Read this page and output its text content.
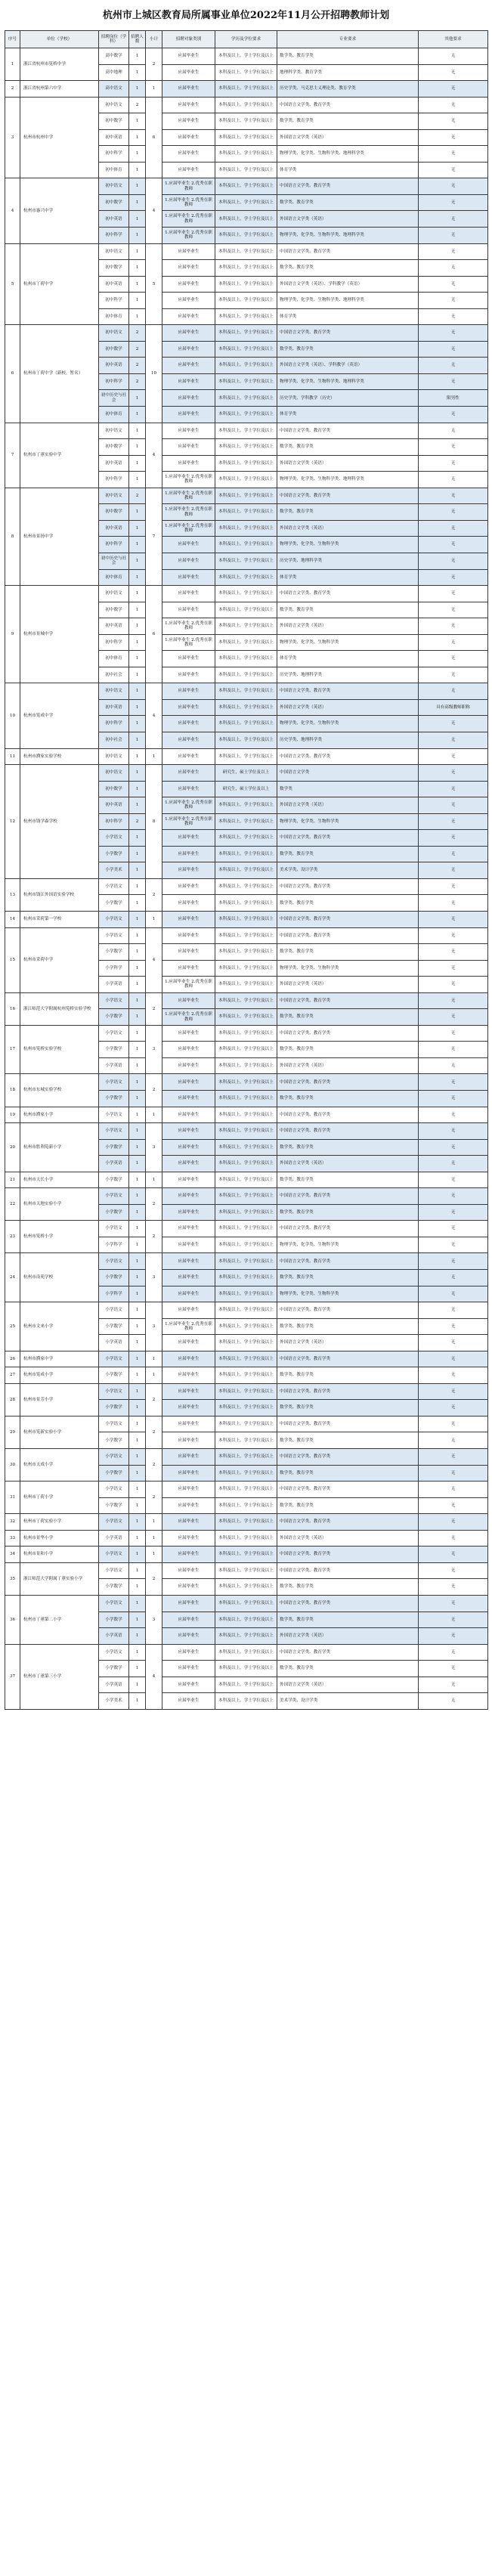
杭州市上城区教育局所属事业单位2022年11月公开招聘教师计划
序号	单位（学校）	招聘岗位（学科）	招聘人数	小计	招聘对象类别	学历及学位要求	专业要求	其他要求
1	浙江省杭州市笕桥中学	高中数学	1	2	应届毕业生	本科及以上，学士学位及以上	数学类、教育学类	无
		高中地理	1		应届毕业生	本科及以上，学士学位及以上	地理科学类、教育学类	无
2	浙江省杭州第六中学	高中语文	1	1	应届毕业生	本科及以上，学士学位及以上	历史学类、马克思主义理论类、教育学类	无
3	杭州市杭州中学	初中语文	2	6	应届毕业生	本科及以上，学士学位及以上	中国语言文学类、教育学类	无
		初中数学	1		应届毕业生	本科及以上，学士学位及以上	数学类、教育学类	无
		初中英语	1		应届毕业生	本科及以上，学士学位及以上	外国语言文学类（英语）	无
		初中科学	1		应届毕业生	本科及以上，学士学位及以上	物理学类、化学类、生物科学类、地理科学类	无
		初中体育	1		应届毕业生	本科及以上，学士学位及以上	体育学类	无
4	杭州市惠兴中学	初中语文	1	4	1.应届毕业生 2.优秀在职教师	本科及以上，学士学位及以上	中国语言文学类、教育学类	无
		初中数学	1		1.应届毕业生 2.优秀在职教师	本科及以上，学士学位及以上	数学类、教育学类	无
		初中英语	1		1.应届毕业生 2.优秀在职教师	本科及以上，学士学位及以上	外国语言文学类（英语）	无
		初中科学	1		1.应届毕业生 2.优秀在职教师	本科及以上，学士学位及以上	物理学类、化学类、生物科学类、地理科学类	无
5	杭州市丁荷中学	初中语文	1	5	应届毕业生	本科及以上，学士学位及以上	中国语言文学类、教育学类	无
		初中数学	1		应届毕业生	本科及以上，学士学位及以上	数学类、教育学类	无
		初中英语	1		应届毕业生	本科及以上，学士学位及以上	外国语言文学类（英语）、学科教学（英语）	无
		初中科学	1		应届毕业生	本科及以上，学士学位及以上	物理学类、化学类、生物科学类、地理科学类	无
		初中体育	1		应届毕业生	本科及以上，学士学位及以上	体育学类	无
6	杭州市丁荷中学（新校，暂名）	初中语文	2	10	应届毕业生	本科及以上，学士学位及以上	中国语言文学类、教育学类	无
		初中数学	2		应届毕业生	本科及以上，学士学位及以上	数学类、教育学类	无
		初中英语	2		应届毕业生	本科及以上，学士学位及以上	外国语言文学类（英语）、学科教学（英语）	无
		初中科学	2		应届毕业生	本科及以上，学士学位及以上	物理学类、化学类、生物科学类、地理科学类	无
		初中历史与社会	1		应届毕业生	本科及以上，学士学位及以上	历史学类、学科教学（历史）	限男性
		初中体育	1		应届毕业生	本科及以上，学士学位及以上	体育学类	无
7	杭州市丁蕙实验中学	初中语文	1	4	应届毕业生	本科及以上，学士学位及以上	中国语言文学类、教育学类	无
		初中数学	1		应届毕业生	本科及以上，学士学位及以上	数学类、教育学类	无
		初中英语	1		应届毕业生	本科及以上，学士学位及以上	外国语言文学类（英语）	无
		初中科学	1		1.应届毕业生 2.优秀在职教师	本科及以上，学士学位及以上	物理学类、化学类、生物科学类、地理科学类	无
8	杭州市景扬中学	初中语文	2	7	1.应届毕业生 2.优秀在职教师	本科及以上，学士学位及以上	中国语言文学类、教育学类	无
		初中数学	1		1.应届毕业生 2.优秀在职教师	本科及以上，学士学位及以上	数学类、教育学类	无
		初中英语	1		1.应届毕业生 2.优秀在职教师	本科及以上，学士学位及以上	外国语言文学类（英语）	无
		初中科学	1		应届毕业生	本科及以上，学士学位及以上	物理学类、化学类、生物科学类	无
		初中历史与社会	1		应届毕业生	本科及以上，学士学位及以上	历史学类、地理科学类	无
		初中体育	1		应届毕业生	本科及以上，学士学位及以上	体育学类	无
9	杭州市景城中学	初中语文	1	6	应届毕业生	本科及以上，学士学位及以上	中国语言文学类、教育学类	无
		初中数学	1		应届毕业生	本科及以上，学士学位及以上	数学类、教育学类	无
		初中英语	1		1.应届毕业生 2.优秀在职教师	本科及以上，学士学位及以上	外国语言文学类（英语）	无
		初中科学	1		1.应届毕业生 2.优秀在职教师	本科及以上，学士学位及以上	物理学类、化学类、生物科学类	无
		初中体育	1		应届毕业生	本科及以上，学士学位及以上	体育学类	无
		初中社会	1		应届毕业生	本科及以上，学士学位及以上	历史学类、地理科学类	无
10	杭州市笕成中学	初中语文	1	4	应届毕业生	本科及以上，学士学位及以上	中国语言文学类、教育学类	无
		初中英语	1		应届毕业生	本科及以上，学士学位及以上	外国语言文学类（英语）	具有高级教师职称
		初中科学	1		应届毕业生	本科及以上，学士学位及以上	物理学类、化学类、生物科学类	无
		初中社会	1		应届毕业生	本科及以上，学士学位及以上	历史学类、地理科学类	无
11	杭州市濮家实验学校	初中语文	1	1	应届毕业生	本科及以上，学士学位及以上	中国语言文学类、教育学类	无
12	杭州市钱学森学校	初中语文	1	8	应届毕业生	研究生，硕士学位及以上	中国语言文学类	无
		初中数学	1		应届毕业生	研究生，硕士学位及以上	数学类	无
		初中英语	1		1.应届毕业生 2.优秀在职教师	本科及以上，学士学位及以上	外国语言文学类（英语）	无
		初中科学	2		1.应届毕业生 2.优秀在职教师	本科及以上，学士学位及以上	物理学类、化学类、生物科学类	无
		小学语文	1		应届毕业生	本科及以上，学士学位及以上	中国语言文学类、教育学类	无
		小学数学	1		应届毕业生	本科及以上，学士学位及以上	数学类、教育学类	无
		小学美术	1		应届毕业生	本科及以上，学士学位及以上	美术学类、设计学类	无
13	杭州市钱江外国语实验学校	小学语文	1	2	应届毕业生	本科及以上，学士学位及以上	中国语言文学类、教育学类	无
		小学数学	1		应届毕业生	本科及以上，学士学位及以上	数学类、教育学类	无
14	杭州市采荷第一学校	小学语文	1	1	应届毕业生	本科及以上，学士学位及以上	中国语言文学类、教育学类	无
15	杭州市采荷中学	小学语文	1	4	应届毕业生	本科及以上，学士学位及以上	中国语言文学类、教育学类	无
		小学数学	1		应届毕业生	本科及以上，学士学位及以上	数学类、教育学类	无
		小学科学	1		应届毕业生	本科及以上，学士学位及以上	物理学类、化学类、生物科学类	无
		小学英语	1		1.应届毕业生 2.优秀在职教师	本科及以上，学士学位及以上	外国语言文学类（英语）	无
16	浙江师范大学附属杭州笕桥实验学校	小学语文	1	2	应届毕业生	本科及以上，学士学位及以上	中国语言文学类、教育学类	无
		小学数学	1		1.应届毕业生 2.优秀在职教师	本科及以上，学士学位及以上	数学类、教育学类	无
17	杭州市笕桥实验学校	小学语文	1	3	应届毕业生	本科及以上，学士学位及以上	中国语言文学类、教育学类	无
		小学数学	1		应届毕业生	本科及以上，学士学位及以上	数学类、教育学类	无
		小学英语	1		应届毕业生	本科及以上，学士学位及以上	外国语言文学类（英语）	无
18	杭州市东城实验学校	小学语文	1	2	应届毕业生	本科及以上，学士学位及以上	中国语言文学类、教育学类	无
		小学数学	1		应届毕业生	本科及以上，学士学位及以上	数学类、教育学类	无
19	杭州市濮家小学	小学语文	1	1	应届毕业生	本科及以上，学士学位及以上	中国语言文学类、教育学类	无
20	杭州市胜利笕新小学	小学语文	1	3	应届毕业生	本科及以上，学士学位及以上	中国语言文学类、教育学类	无
		小学数学	1		应届毕业生	本科及以上，学士学位及以上	数学类、教育学类	无
		小学英语	1		应届毕业生	本科及以上，学士学位及以上	外国语言文学类（英语）	无
21	杭州市天长小学	小学数学	1	1	应届毕业生	本科及以上，学士学位及以上	数学类、教育学类	无
22	杭州市天地实验小学	小学语文	1	2	应届毕业生	本科及以上，学士学位及以上	中国语言文学类、教育学类	无
		小学数学	1		应届毕业生	本科及以上，学士学位及以上	数学类、教育学类	无
23	杭州市笕桥小学	小学语文	1	2	应届毕业生	本科及以上，学士学位及以上	中国语言文学类、教育学类	无
		小学科学	1		应届毕业生	本科及以上，学士学位及以上	物理学类、化学类、生物科学类	无
24	杭州市南苑学校	小学语文	1	3	应届毕业生	本科及以上，学士学位及以上	中国语言文学类、教育学类	无
		小学数学	1		应届毕业生	本科及以上，学士学位及以上	数学类、教育学类	无
		小学科学	1		应届毕业生	本科及以上，学士学位及以上	物理学类、化学类、生物科学类	无
25	杭州市文来小学	小学语文	1	3	应届毕业生	本科及以上，学士学位及以上	中国语言文学类、教育学类	无
		小学数学	1		1.应届毕业生 2.优秀在职教师	本科及以上，学士学位及以上	数学类、教育学类	无
		小学英语	1		应届毕业生	本科及以上，学士学位及以上	外国语言文学类（英语）	无
26	杭州市濮家中学	小学语文	1	1	应届毕业生	本科及以上，学士学位及以上	中国语言文学类、教育学类	无
27	杭州市笕成小学	小学数学	1	1	应届毕业生	本科及以上，学士学位及以上	数学类、教育学类	无
28	杭州市景芳小学	小学语文	1	2	应届毕业生	本科及以上，学士学位及以上	中国语言文学类、教育学类	无
		小学数学	1		应届毕业生	本科及以上，学士学位及以上	数学类、教育学类	无
29	杭州市笕新实验小学	小学语文	1	2	应届毕业生	本科及以上，学士学位及以上	中国语言文学类、教育学类	无
		小学数学	1		应届毕业生	本科及以上，学士学位及以上	数学类、教育学类	无
30	杭州市天成小学	小学语文	1	2	应届毕业生	本科及以上，学士学位及以上	中国语言文学类、教育学类	无
		小学数学	1		应届毕业生	本科及以上，学士学位及以上	数学类、教育学类	无
31	杭州市丁荷小学	小学语文	1	2	应届毕业生	本科及以上，学士学位及以上	中国语言文学类、教育学类	无
		小学数学	1		应届毕业生	本科及以上，学士学位及以上	数学类、教育学类	无
32	杭州市丁荷实验小学	小学语文	1	1	应届毕业生	本科及以上，学士学位及以上	中国语言文学类、教育学类	无
33	杭州市景华小学	小学英语	1	1	应届毕业生	本科及以上，学士学位及以上	外国语言文学类（英语）	无
34	杭州市景和小学	小学语文	1	1	应届毕业生	本科及以上，学士学位及以上	中国语言文学类、教育学类	无
35	浙江师范大学附属丁蕙实验小学	小学语文	1	2	应届毕业生	本科及以上，学士学位及以上	中国语言文学类、教育学类	无
		小学数学	1		应届毕业生	本科及以上，学士学位及以上	数学类、教育学类	无
36	杭州市丁蕙第二小学	小学语文	1	3	应届毕业生	本科及以上，学士学位及以上	中国语言文学类、教育学类	无
		小学数学	1		应届毕业生	本科及以上，学士学位及以上	数学类、教育学类	无
		小学英语	1		应届毕业生	本科及以上，学士学位及以上	外国语言文学类（英语）	无
37	杭州市丁蕙第三小学	小学语文	1	4	应届毕业生	本科及以上，学士学位及以上	中国语言文学类、教育学类	无
		小学数学	1		应届毕业生	本科及以上，学士学位及以上	数学类、教育学类	无
		小学英语	1		应届毕业生	本科及以上，学士学位及以上	外国语言文学类（英语）	无
		小学美术	1		应届毕业生	本科及以上，学士学位及以上	美术学类、设计学类	无
